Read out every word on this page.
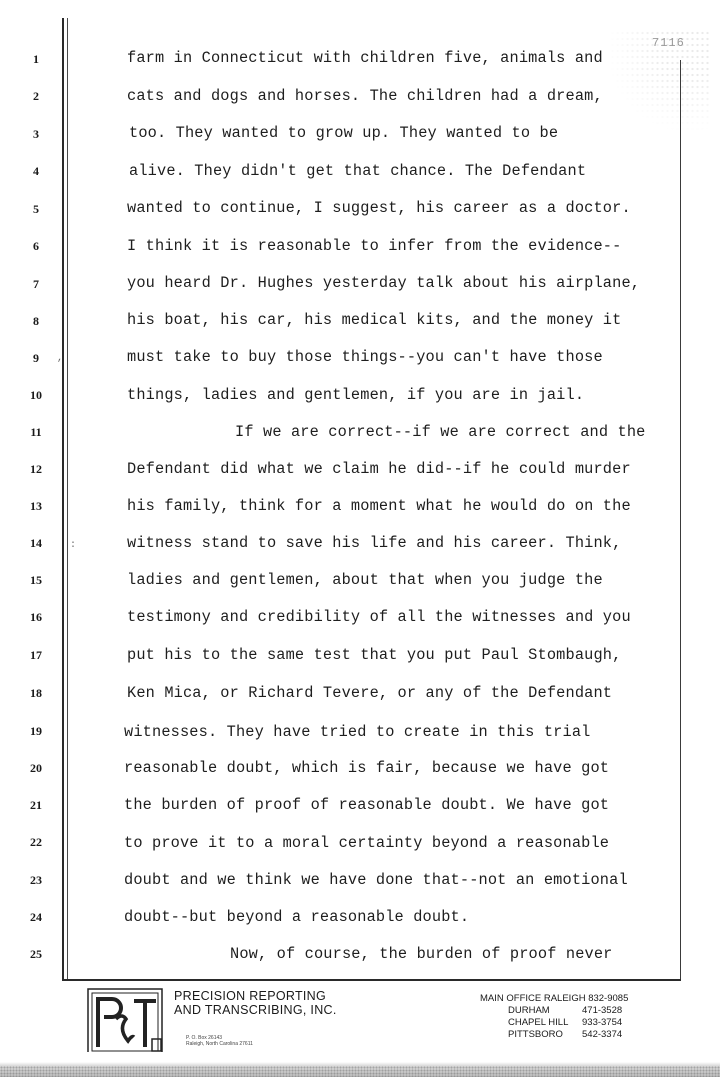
7116
1
2
3
4
5
6
7
8
9
10
11
12
13
14
15
16
17
18
19
20
21
22
23
24
25
farm in Connecticut with children five, animals and
cats and dogs and horses. The children had a dream,
too. They wanted to grow up. They wanted to be
alive. They didn't get that chance. The Defendant
wanted to continue, I suggest, his career as a doctor.
I think it is reasonable to infer from the evidence--
you heard Dr. Hughes yesterday talk about his airplane,
his boat, his car, his medical kits, and the money it
must take to buy those things--you can't have those
things, ladies and gentlemen, if you are in jail.
If we are correct--if we are correct and the
Defendant did what we claim he did--if he could murder
his family, think for a moment what he would do on the
witness stand to save his life and his career. Think,
ladies and gentlemen, about that when you judge the
testimony and credibility of all the witnesses and you
put his to the same test that you put Paul Stombaugh,
Ken Mica, or Richard Tevere, or any of the Defendant
witnesses. They have tried to create in this trial
reasonable doubt, which is fair, because we have got
the burden of proof of reasonable doubt. We have got
to prove it to a moral certainty beyond a reasonable
doubt and we think we have done that--not an emotional
doubt--but beyond a reasonable doubt.
Now, of course, the burden of proof never
:
,
PRECISION REPORTING
AND TRANSCRIBING, INC.
P. O. Box 26143
Raleigh, North Carolina 27611
MAIN OFFICE RALEIGH 832-9085
DURHAM	471-3528
CHAPEL HILL 933-3754
PITTSBORO 542-3374
